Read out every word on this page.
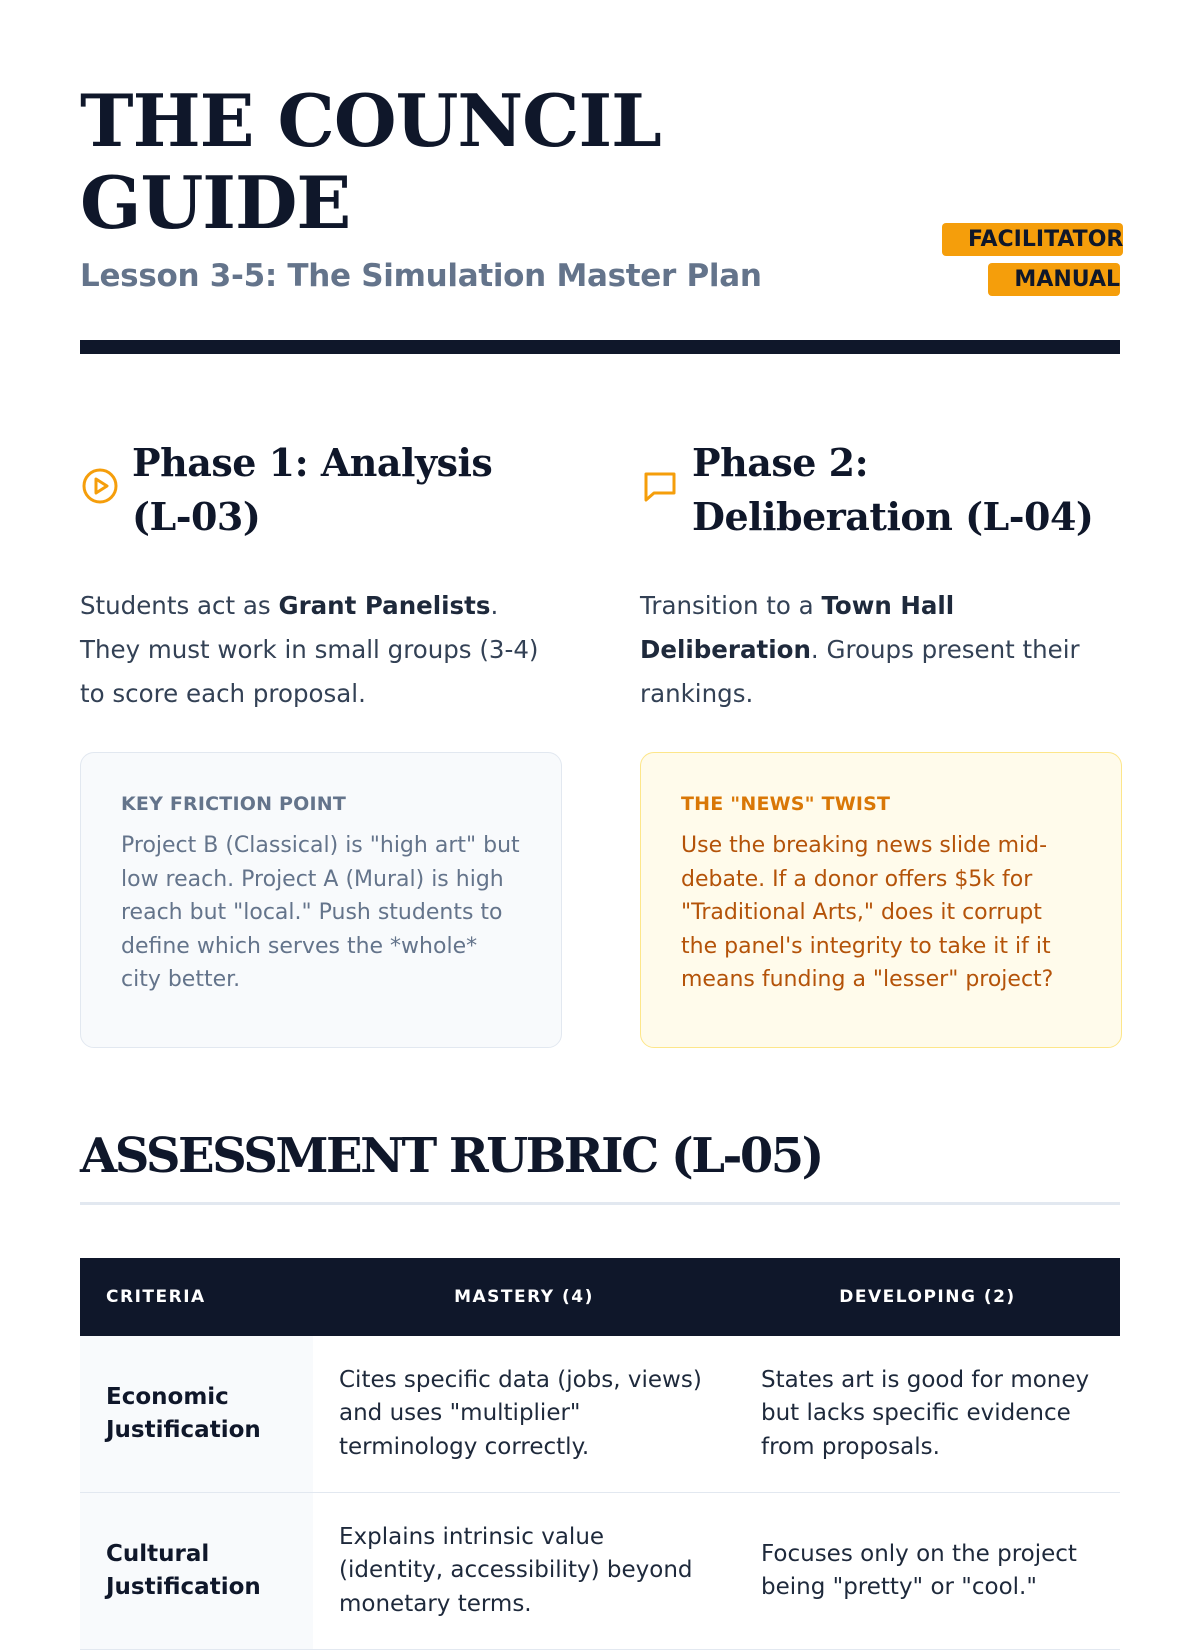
THE COUNCIL GUIDE

Lesson 3-5: The Simulation Master Plan

FACILITATOR MANUAL
Phase 1: Analysis (L-03)

Students act as Grant Panelists. They must work in small groups (3-4) to score each proposal.

Phase 2: Deliberation (L-04)

Transition to a Town Hall Deliberation. Groups present their rankings.

KEY FRICTION POINT

Project B (Classical) is "high art" but low reach. Project A (Mural) is high reach but "local." Push students to define which serves the *whole* city better.

THE "NEWS" TWIST

Use the breaking news slide mid-debate. If a donor offers $5k for "Traditional Arts," does it corrupt the panel's integrity to take it if it means funding a "lesser" project?

ASSESSMENT RUBRIC (L-05)
CRITERIA	MASTERY (4)	DEVELOPING (2)
Economic Justification	Cites specific data (jobs, views) and uses "multiplier" terminology correctly.	States art is good for money but lacks specific evidence from proposals.
Cultural Justification	Explains intrinsic value (identity, accessibility) beyond monetary terms.	Focuses only on the project being "pretty" or "cool."
